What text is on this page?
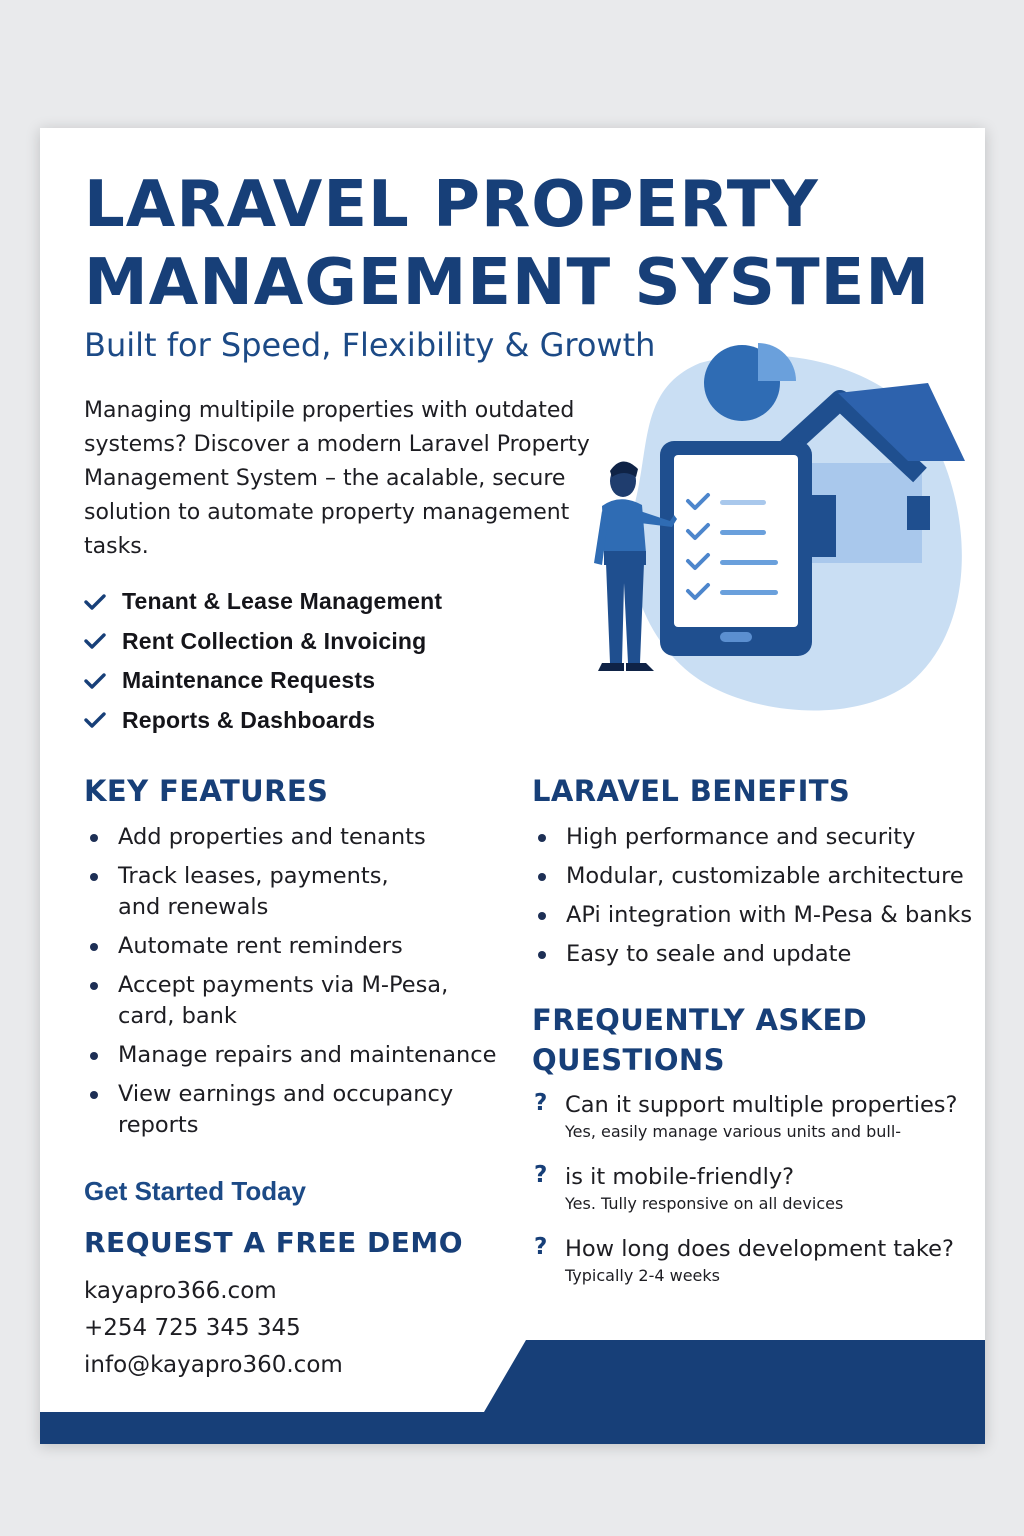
LARAVEL PROPERTY
MANAGEMENT SYSTEM

Built for Speed, Flexibility & Growth

Managing multipile properties with outdated systems? Discover a modern Laravel Property Management System – the acalable, secure solution to automate property management tasks.

Tenant & Lease Management
Rent Collection & Invoicing
Maintenance Requests
Reports & Dashboards
KEY FEATURES
Add properties and tenants
Track leases, payments,
and renewals
Automate rent reminders
Accept payments via M-Pesa,
card, bank
Manage repairs and maintenance
View earnings and occupancy
reports
LARAVEL BENEFITS
High performance and security
Modular, customizable architecture
APi integration with M-Pesa & banks
Easy to seale and update
FREQUENTLY ASKED QUESTIONS
? Can it support multiple properties?
Yes, easily manage various units and bull-
? is it mobile-friendly?
Yes. Tully responsive on all devices
? How long does development take?
Typically 2-4 weeks

Get Started Today

REQUEST A FREE DEMO

kayapro366.com
+254 725 345 345
info@kayapro360.com
